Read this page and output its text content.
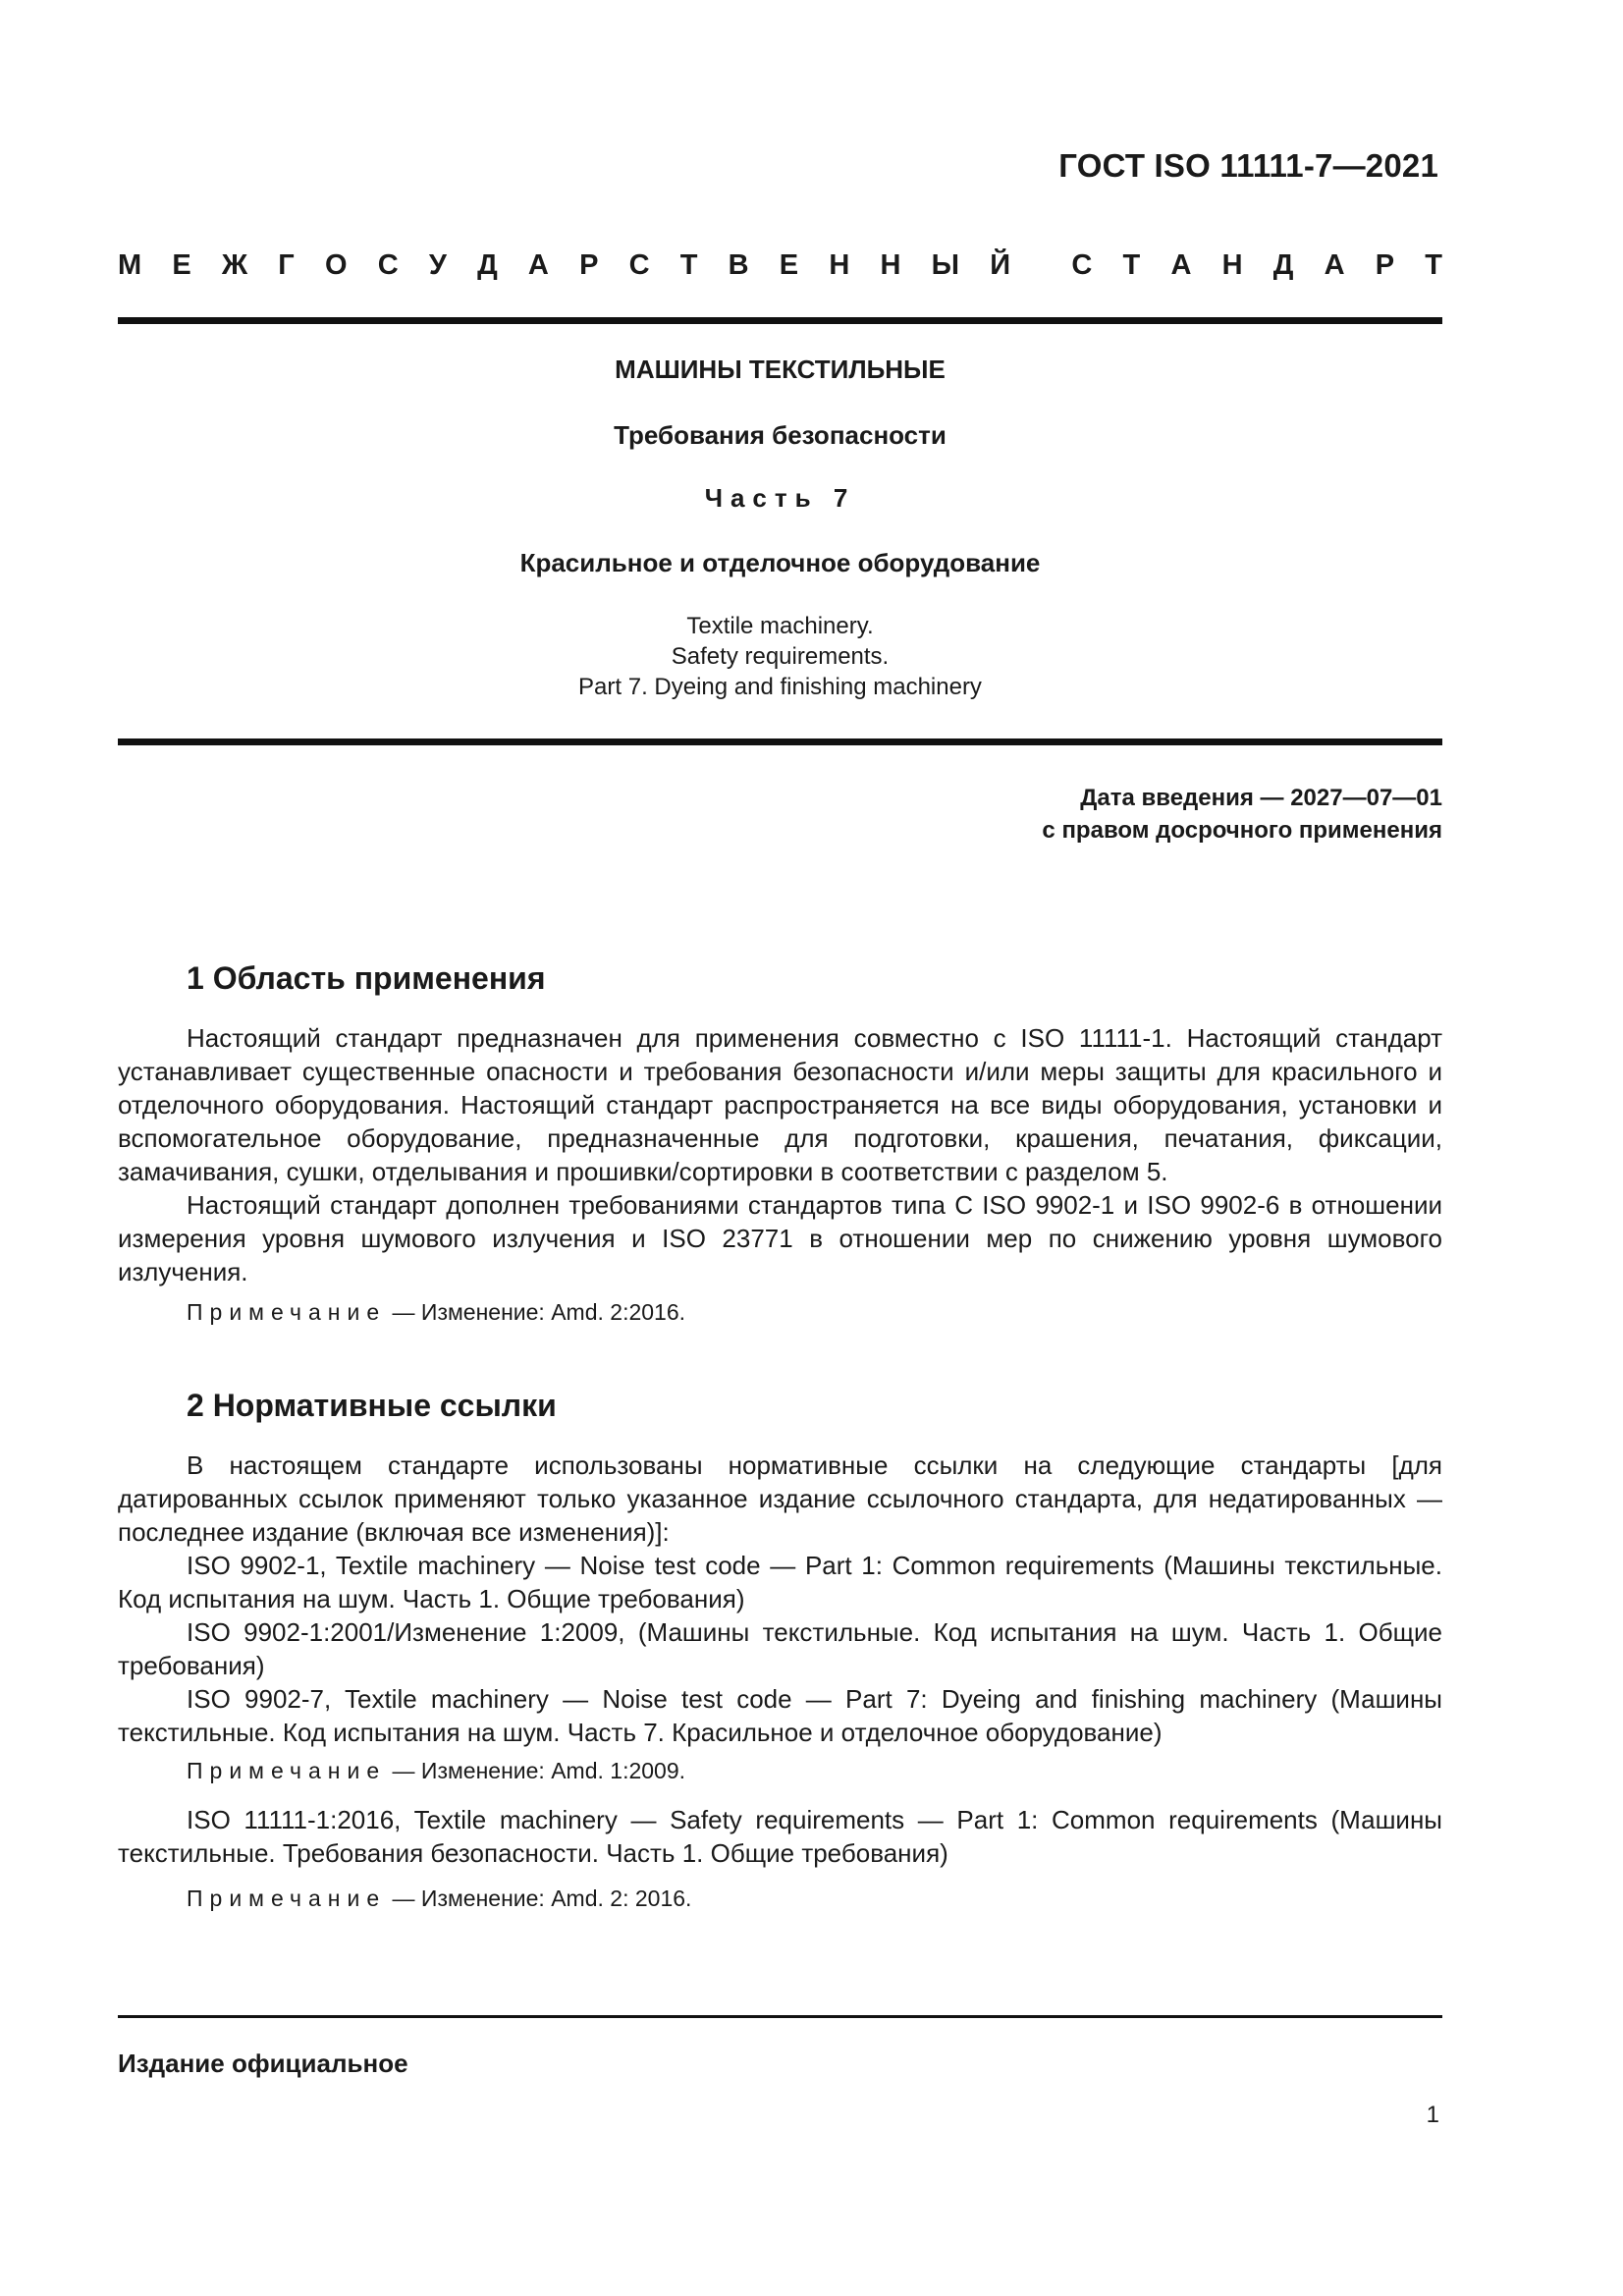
ГОСТ ISO 11111-7—2021
М Е Ж Г О С У Д А Р С Т В Е Н Н Ы Й С Т А Н Д А Р Т
МАШИНЫ ТЕКСТИЛЬНЫЕ
Требования безопасности
Часть 7
Красильное и отделочное оборудование
Textile machinery.
Safety requirements.
Part 7. Dyeing and finishing machinery
Дата введения — 2027—07—01
с правом досрочного применения
1 Область применения

Настоящий стандарт предназначен для применения совместно с ISO 11111-1. Настоящий стандарт устанавливает существенные опасности и требования безопасности и/или меры защиты для красильного и отделочного оборудования. Настоящий стандарт распространяется на все виды оборудования, установки и вспомогательное оборудование, предназначенные для подготовки, крашения, печатания, фиксации, замачивания, сушки, отделывания и прошивки/сортировки в соответствии с разделом 5.

Настоящий стандарт дополнен требованиями стандартов типа С ISO 9902-1 и ISO 9902-6 в отношении измерения уровня шумового излучения и ISO 23771 в отношении мер по снижению уровня шумового излучения.

Примечание — Изменение: Amd. 2:2016.
2 Нормативные ссылки

В настоящем стандарте использованы нормативные ссылки на следующие стандарты [для датированных ссылок применяют только указанное издание ссылочного стандарта, для недатированных — последнее издание (включая все изменения)]:

ISO 9902-1, Textile machinery — Noise test code — Part 1: Common requirements (Машины текстильные. Код испытания на шум. Часть 1. Общие требования)

ISO 9902-1:2001/Изменение 1:2009, (Машины текстильные. Код испытания на шум. Часть 1. Общие требования)

ISO 9902-7, Textile machinery — Noise test code — Part 7: Dyeing and finishing machinery (Машины текстильные. Код испытания на шум. Часть 7. Красильное и отделочное оборудование)

Примечание — Изменение: Amd. 1:2009.

ISO 11111-1:2016, Textile machinery — Safety requirements — Part 1: Common requirements (Машины текстильные. Требования безопасности. Часть 1. Общие требования)

Примечание — Изменение: Amd. 2: 2016.
Издание официальное
1
